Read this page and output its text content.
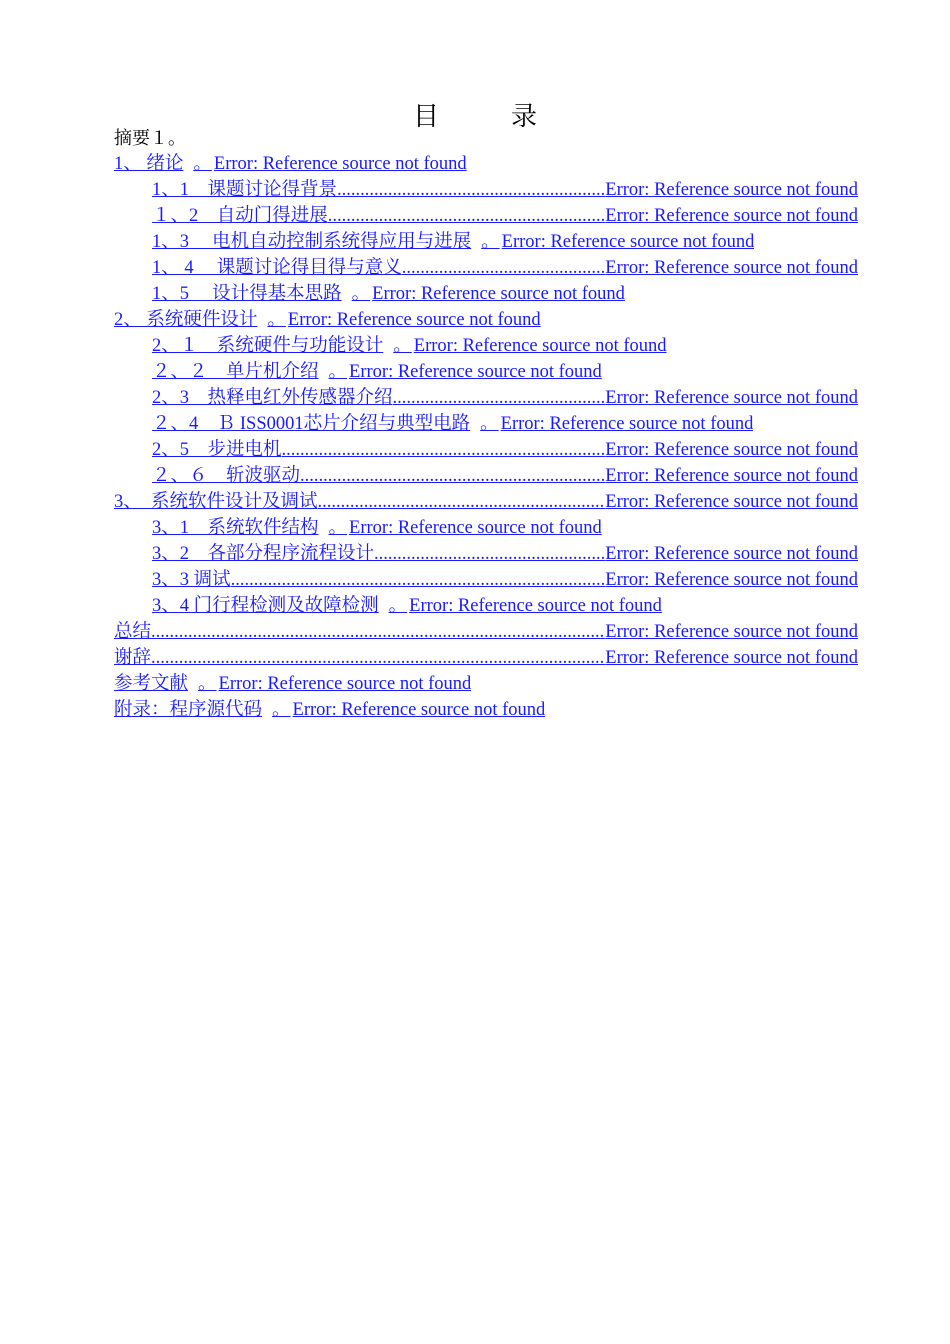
目	录
摘要１。
1、 绪论 。 Error: Reference source not found
1、1　课题讨论得背景 .....	Error: Reference source not found
１、2　自动门得进展 .....	Error: Reference source not found
1、3　 电机自动控制系统得应用与进展 。 Error: Reference source not found
1、 4　 课题讨论得目得与意义 .....	Error: Reference source not found
1、5　 设计得基本思路 。 Error: Reference source not found
2、 系统硬件设计 。 Error: Reference source not found
2、１　系统硬件与功能设计 。 Error: Reference source not found
２、２　单片机介绍 。 Error: Reference source not found
2、3　热释电红外传感器介绍 .....	Error: Reference source not found
２、4　Ｂ ISS0001芯片介绍与典型电路 。 Error: Reference source not found
2、5　步进电机 .....	Error: Reference source not found
２、６　斩波驱动 .....	Error: Reference source not found
3、　系统软件设计及调试 .....	Error: Reference source not found
3、1　系统软件结构 。 Error: Reference source not found
3、2　各部分程序流程设计 .....	Error: Reference source not found
3、3 调试 .....	Error: Reference source not found
3、4 门行程检测及故障检测 。 Error: Reference source not found
总结 .....	Error: Reference source not found
谢辞 .....	Error: Reference source not found
参考文献 。 Error: Reference source not found
附录：程序源代码 。 Error: Reference source not found
